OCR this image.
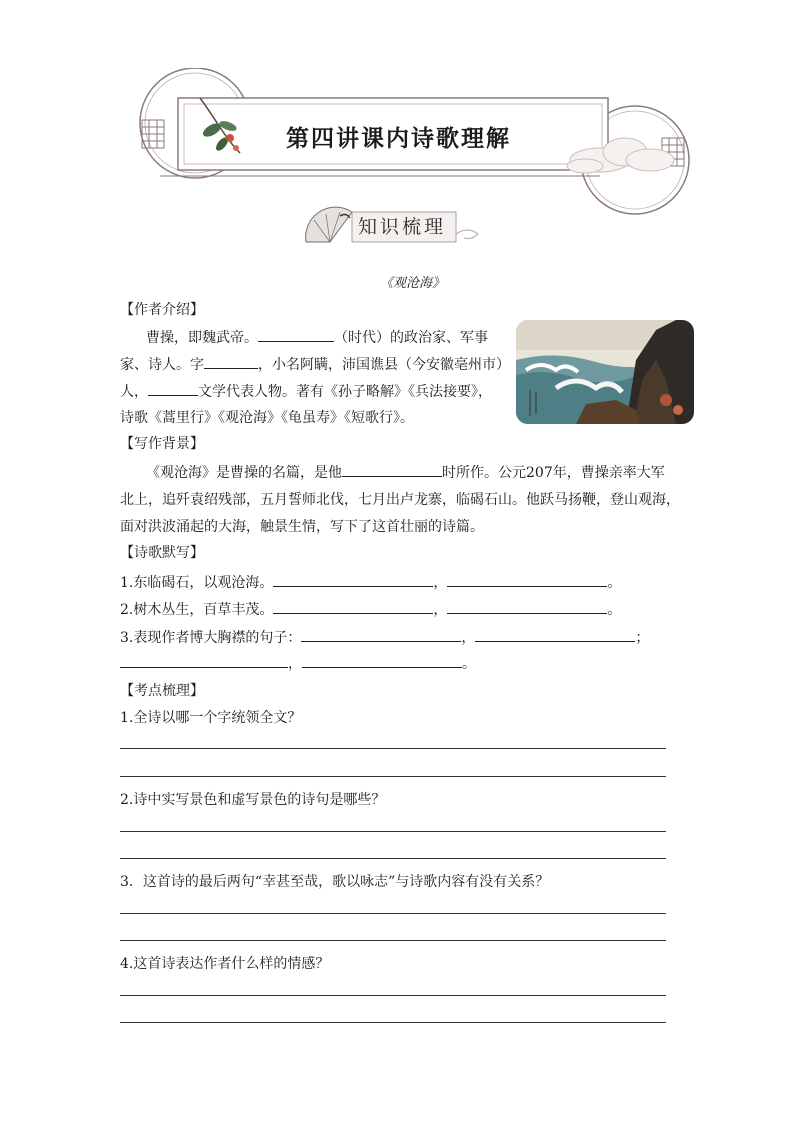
第四讲课内诗歌理解
知识梳理
《观沧海》
【作者介绍】
曹操，即魏武帝。	（时代）的政治家、军事
家、诗人。字	，小名阿瞒，沛国谯县（今安徽亳州市）
人，	文学代表人物。著有《孙子略解》《兵法接要》，
诗歌《蒿里行》《观沧海》《龟虽寿》《短歌行》。
【写作背景】
《观沧海》是曹操的名篇，是他	时所作。公元207年，曹操亲率大军
北上，追歼袁绍残部，五月誓师北伐，七月出卢龙寨，临碣石山。他跃马扬鞭，登山观海，
面对洪波涌起的大海，触景生情，写下了这首壮丽的诗篇。
【诗歌默写】
1.东临碣石，以观沧海。	，	。
2.树木丛生，百草丰茂。	，	。
3.表现作者博大胸襟的句子：	，	；
，	。
【考点梳理】
1.全诗以哪一个字统领全文？
2.诗中实写景色和虚写景色的诗句是哪些？
3．这首诗的最后两句“幸甚至哉，歌以咏志”与诗歌内容有没有关系？
4.这首诗表达作者什么样的情感？
